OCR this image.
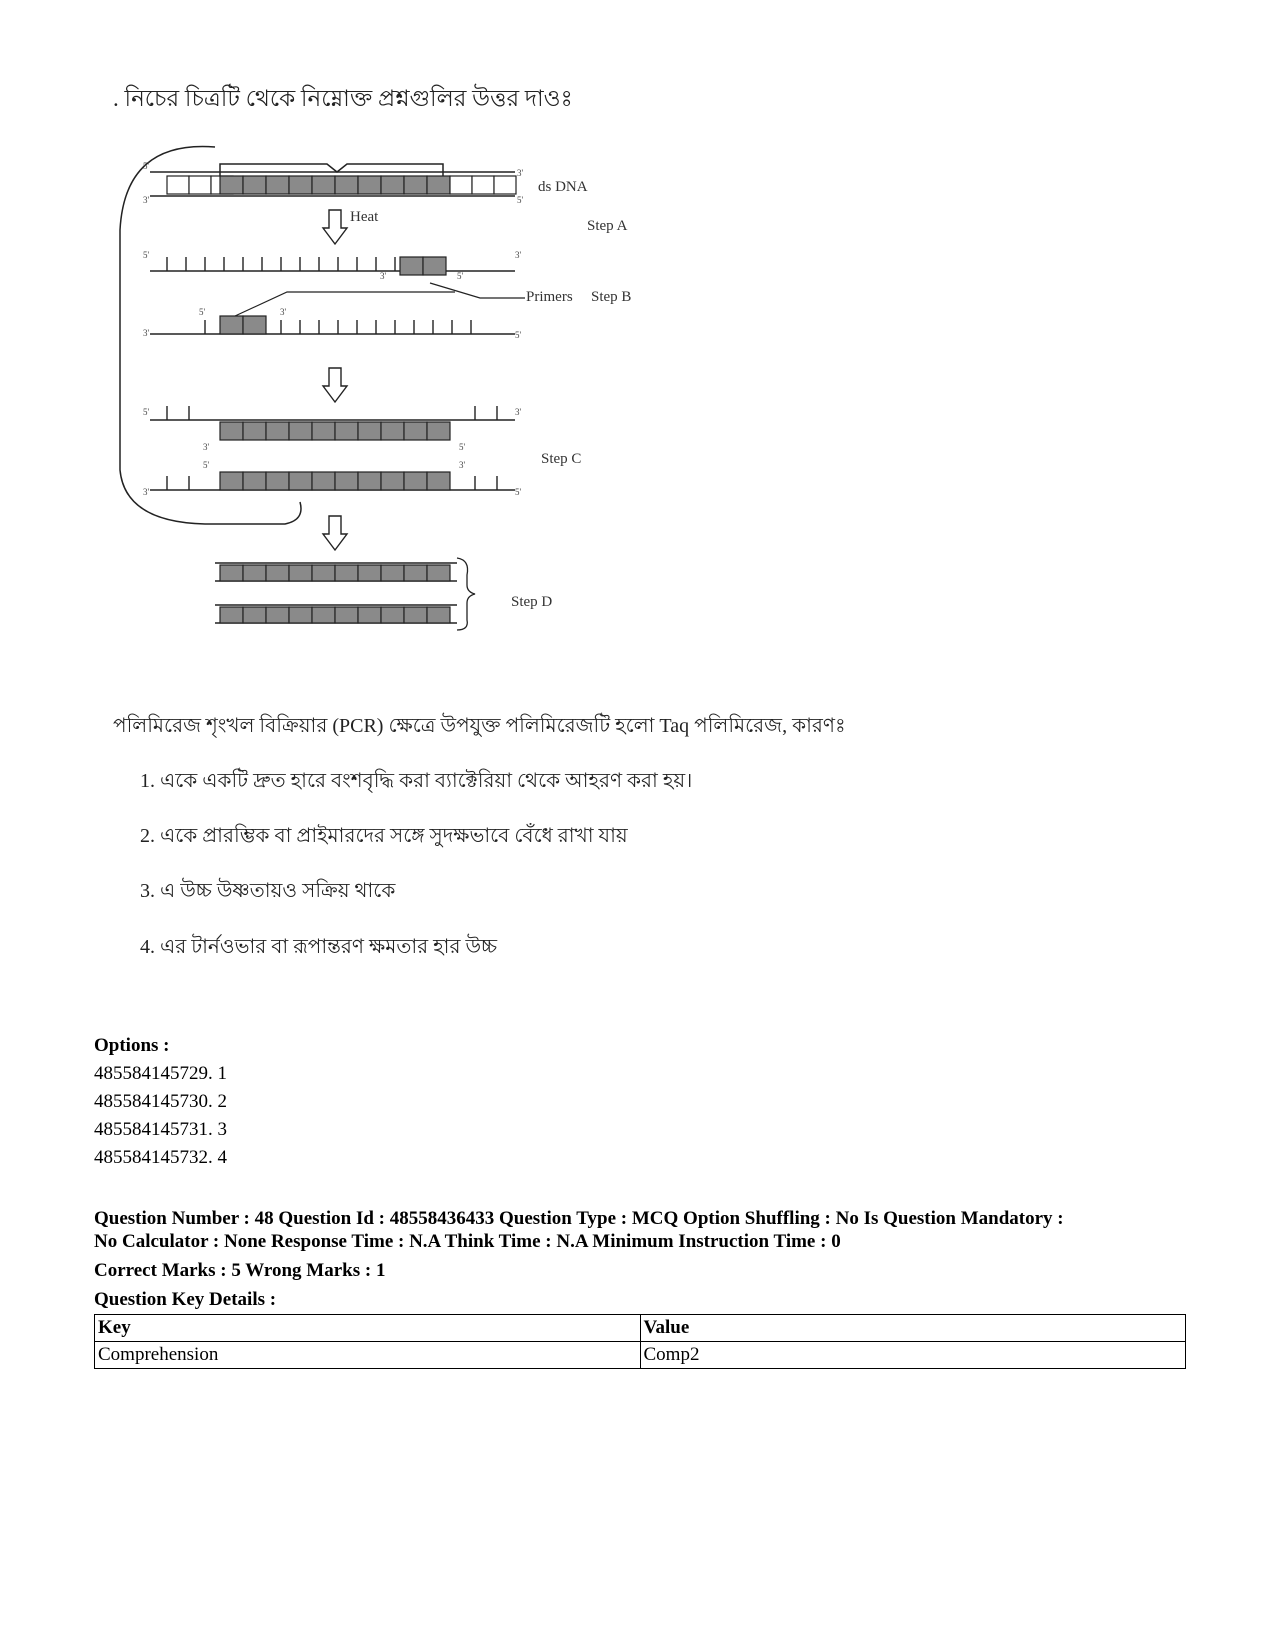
. নিচের চিত্রটি থেকে নিম্নোক্ত প্রশ্নগুলির উত্তর দাওঃ
5'
3'
3'
5'
5'	3'
3'	5'
3'	5'
5'	3'
5'	3'
3'	5'
5'	3'
3'	5'
ds DNA
Heat
Step A
Primers Step B
Step C
Step D
পলিমিরেজ শৃংখল বিক্রিয়ার (PCR) ক্ষেত্রে উপযুক্ত পলিমিরেজটি হলো Taq পলিমিরেজ, কারণঃ
1. একে একটি দ্রুত হারে বংশবৃদ্ধি করা ব্যাক্টেরিয়া থেকে আহরণ করা হয়।
2. একে প্রারম্ভিক বা প্রাইমারদের সঙ্গে সুদক্ষভাবে বেঁধে রাখা যায়
3. এ উচ্চ উষ্ণতায়ও সক্রিয় থাকে
4. এর টার্নওভার বা রূপান্তরণ ক্ষমতার হার উচ্চ
Options :
485584145729. 1
485584145730. 2
485584145731. 3
485584145732. 4

Question Number : 48 Question Id : 48558436433 Question Type : MCQ Option Shuffling : No Is Question Mandatory :

No Calculator : None Response Time : N.A Think Time : N.A Minimum Instruction Time : 0

Correct Marks : 5 Wrong Marks : 1

Question Key Details :

Key	Value
Comprehension	Comp2
